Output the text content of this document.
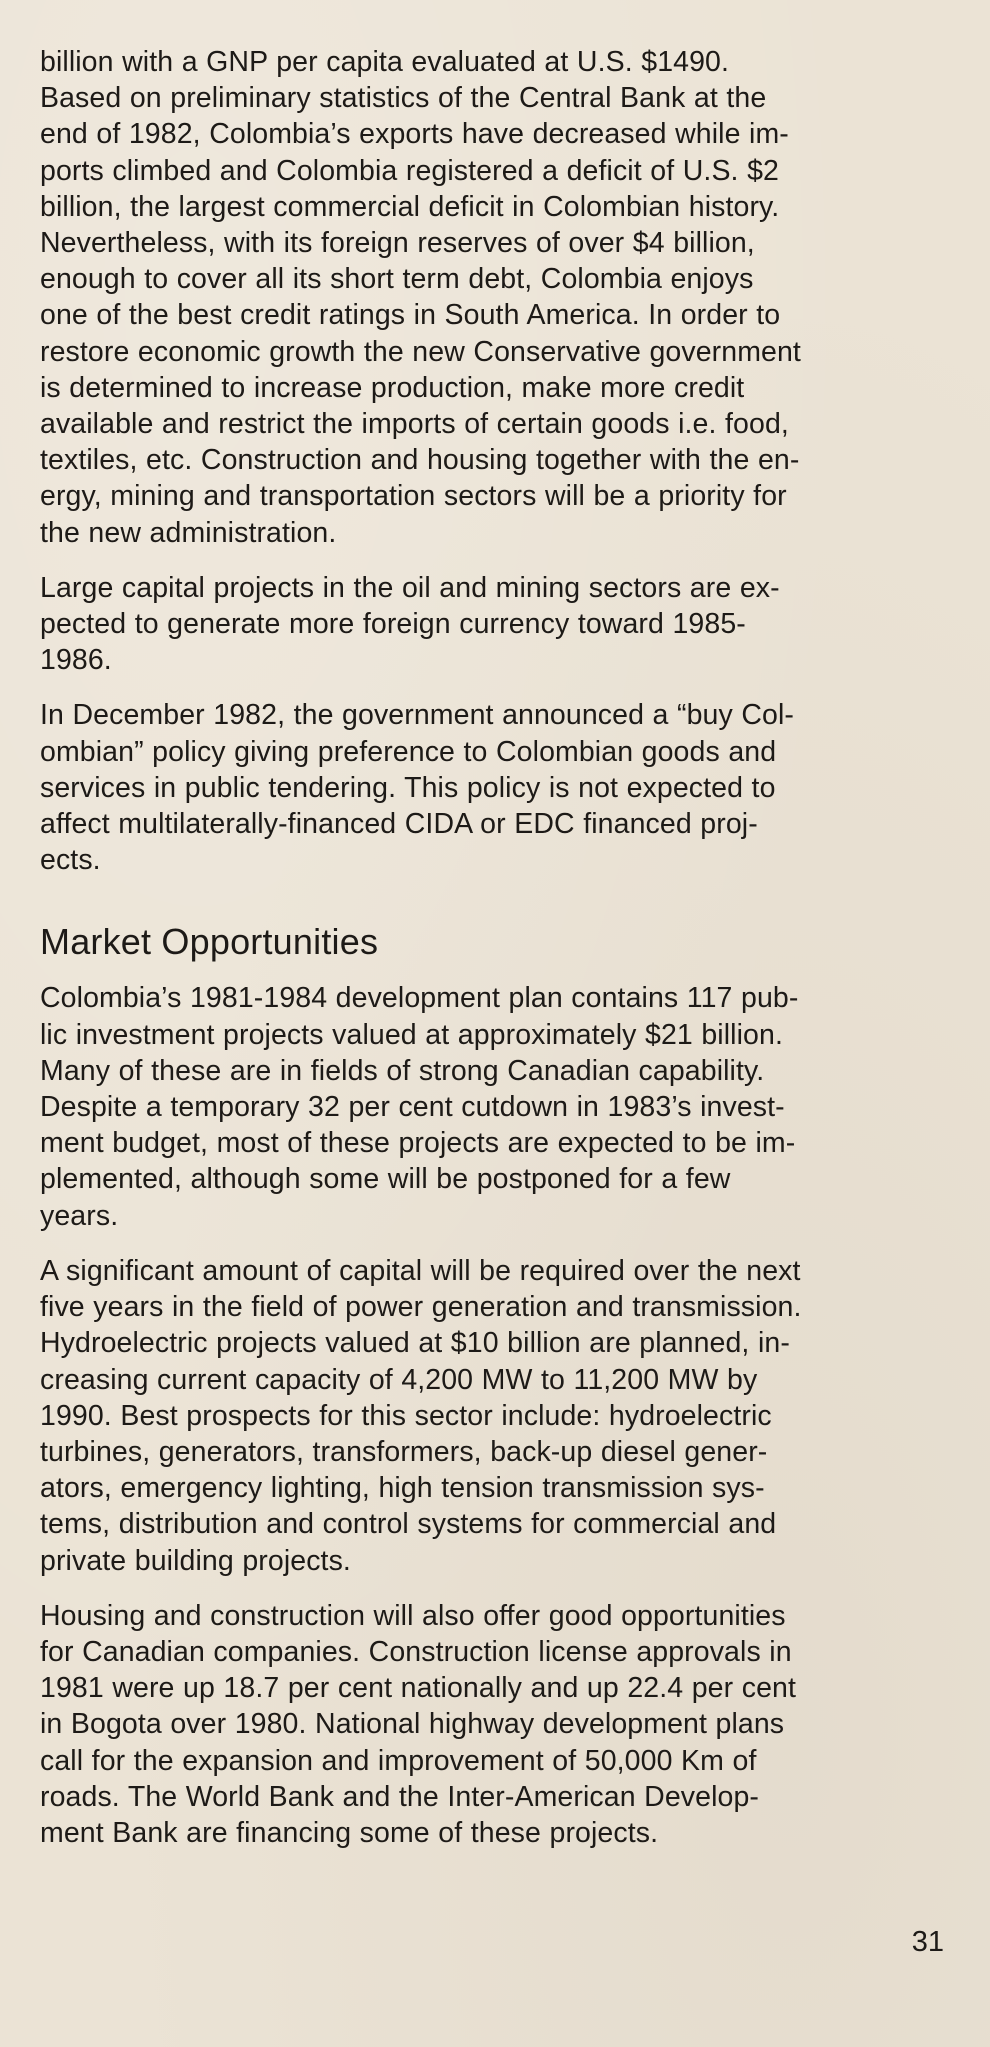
billion with a GNP per capita evaluated at U.S. $1490.
Based on preliminary statistics of the Central Bank at the
end of 1982, Colombia’s exports have decreased while im-
ports climbed and Colombia registered a deficit of U.S. $2
billion, the largest commercial deficit in Colombian history.
Nevertheless, with its foreign reserves of over $4 billion,
enough to cover all its short term debt, Colombia enjoys
one of the best credit ratings in South America. In order to
restore economic growth the new Conservative government
is determined to increase production, make more credit
available and restrict the imports of certain goods i.e. food,
textiles, etc. Construction and housing together with the en-
ergy, mining and transportation sectors will be a priority for
the new administration.

Large capital projects in the oil and mining sectors are ex-
pected to generate more foreign currency toward 1985-
1986.

In December 1982, the government announced a “buy Col-
ombian” policy giving preference to Colombian goods and
services in public tendering. This policy is not expected to
affect multilaterally-financed CIDA or EDC financed proj-
ects.

Market Opportunities

Colombia’s 1981-1984 development plan contains 117 pub-
lic investment projects valued at approximately $21 billion.
Many of these are in fields of strong Canadian capability.
Despite a temporary 32 per cent cutdown in 1983’s invest-
ment budget, most of these projects are expected to be im-
plemented, although some will be postponed for a few
years.

A significant amount of capital will be required over the next
five years in the field of power generation and transmission.
Hydroelectric projects valued at $10 billion are planned, in-
creasing current capacity of 4,200 MW to 11,200 MW by
1990. Best prospects for this sector include: hydroelectric
turbines, generators, transformers, back-up diesel gener-
ators, emergency lighting, high tension transmission sys-
tems, distribution and control systems for commercial and
private building projects.

Housing and construction will also offer good opportunities
for Canadian companies. Construction license approvals in
1981 were up 18.7 per cent nationally and up 22.4 per cent
in Bogota over 1980. National highway development plans
call for the expansion and improvement of 50,000 Km of
roads. The World Bank and the Inter-American Develop-
ment Bank are financing some of these projects.

31
